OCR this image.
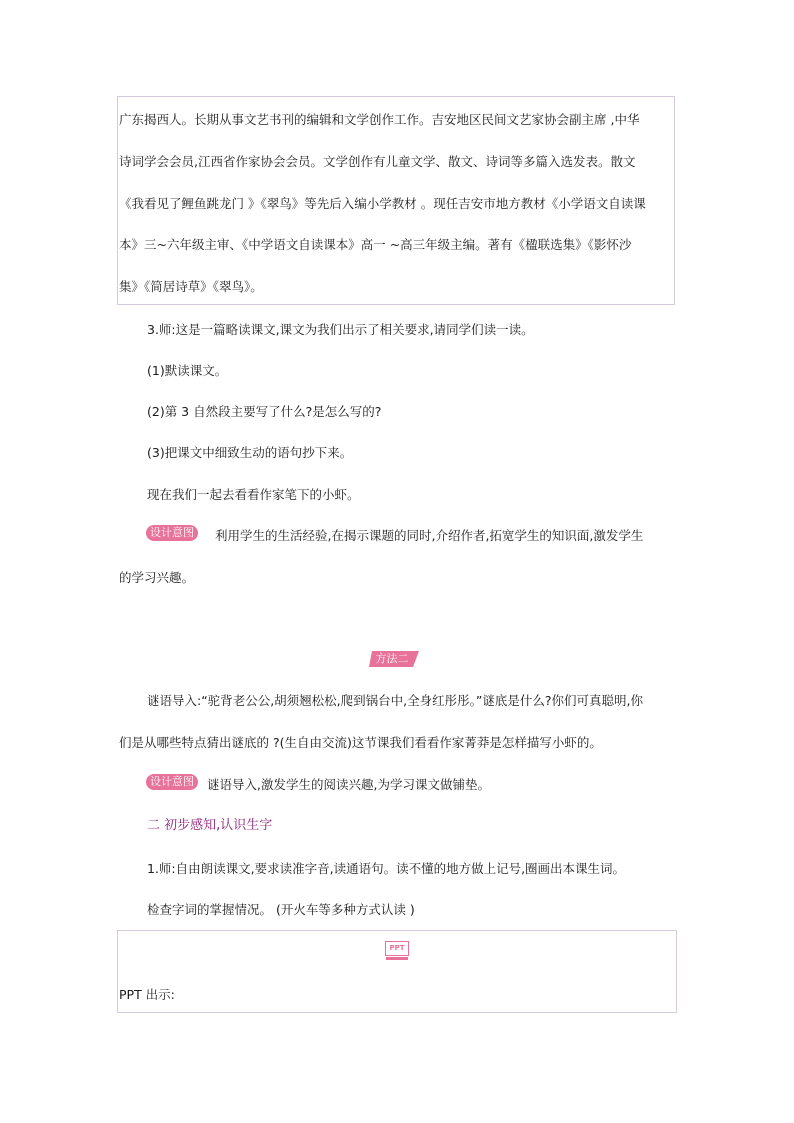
广东揭西人。长期从事文艺书刊的编辑和文学创作工作。吉安地区民间文艺家协会副主席 ,中华
诗词学会会员,江西省作家协会会员。文学创作有儿童文学、散文、诗词等多篇入选发表。散文
《我看见了鲤鱼跳龙门 》《翠鸟》等先后入编小学教材 。现任吉安市地方教材《小学语文自读课
本》三~六年级主审、《中学语文自读课本》高一 ~高三年级主编。著有《楹联选集》《影怀沙
集》《简居诗草》《翠鸟》。
3.师:这是一篇略读课文,课文为我们出示了相关要求,请同学们读一读。
(1)默读课文。
(2)第 3 自然段主要写了什么?是怎么写的?
(3)把课文中细致生动的语句抄下来。
现在我们一起去看看作家笔下的小虾。
设计意图	利用学生的生活经验,在揭示课题的同时,介绍作者,拓宽学生的知识面,激发学生
的学习兴趣。
方法二
谜语导入:“驼背老公公,胡须翘松松,爬到锅台中,全身红彤彤。”谜底是什么?你们可真聪明,你
们是从哪些特点猜出谜底的 ?(生自由交流)这节课我们看看作家菁莽是怎样描写小虾的。
设计意图	谜语导入,激发学生的阅读兴趣,为学习课文做铺垫。
二 初步感知,认识生字
1.师:自由朗读课文,要求读准字音,读通语句。读不懂的地方做上记号,圈画出本课生词。
检查字词的掌握情况。 (开火车等多种方式认读 )
PPT
PPT 出示:
